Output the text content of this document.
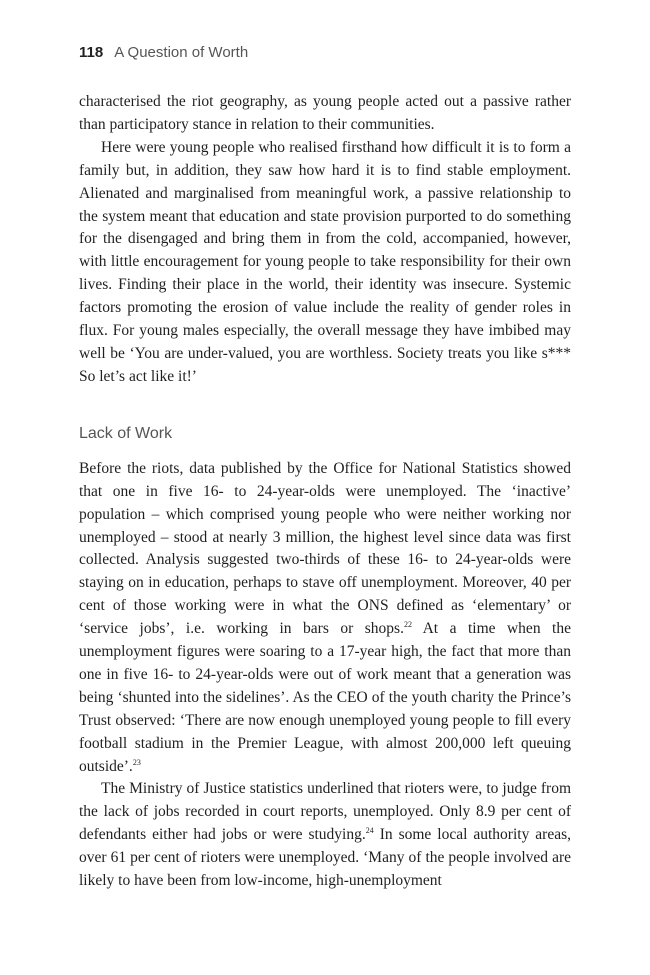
118 A Question of Worth

characterised the riot geography, as young people acted out a passive rather than participatory stance in relation to their communities.

Here were young people who realised firsthand how difficult it is to form a family but, in addition, they saw how hard it is to find stable employment. Alienated and marginalised from meaningful work, a passive relationship to the system meant that education and state provision purported to do something for the disengaged and bring them in from the cold, accompanied, however, with little encouragement for young people to take responsibility for their own lives. Finding their place in the world, their identity was insecure. Systemic factors promoting the erosion of value include the reality of gender roles in flux. For young males especially, the overall message they have imbibed may well be ‘You are under-valued, you are worthless. Society treats you like s*** So let’s act like it!’

Lack of Work

Before the riots, data published by the Office for National Statistics showed that one in five 16- to 24-year-olds were unemployed. The ‘inactive’ population – which comprised young people who were neither working nor unemployed – stood at nearly 3 million, the highest level since data was first collected. Analysis suggested two-thirds of these 16- to 24-year-olds were staying on in education, perhaps to stave off unemployment. Moreover, 40 per cent of those working were in what the ONS defined as ‘elementary’ or ‘service jobs’, i.e. working in bars or shops.$^{22}$ At a time when the unemployment figures were soaring to a 17-year high, the fact that more than one in five 16- to 24-year-olds were out of work meant that a generation was being ‘shunted into the sidelines’. As the CEO of the youth charity the Prince’s Trust observed: ‘There are now enough unemployed young people to fill every football stadium in the Premier League, with almost 200,000 left queuing outside’.$^{23}$

The Ministry of Justice statistics underlined that rioters were, to judge from the lack of jobs recorded in court reports, unemployed. Only 8.9 per cent of defendants either had jobs or were studying.$^{24}$ In some local authority areas, over 61 per cent of rioters were unemployed. ‘Many of the people involved are likely to have been from low-income, high-unemployment
